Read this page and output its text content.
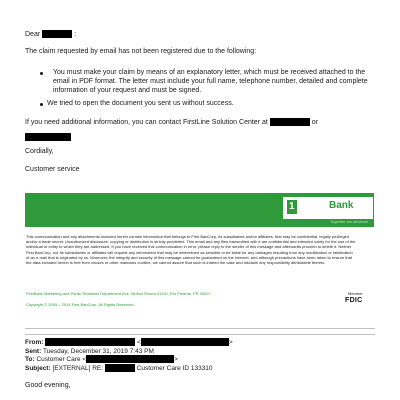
Dear	:
The claim requested by email has not been registered due to the following:
You must make your claim by means of an explanatory letter, which must be received attached to the email in PDF format. The letter must include your full name, telephone number, detailed and complete information of your request and must be signed.
We tried to open the document you sent us without success.
If you need additional information, you can contact FirstLine Solution Center at	or
Cordially,
Customer service
1 First Bank
Together we advance
This communication and any attachments included herein contain information that belongs to First BanCorp, its subsidiaries and/or affiliates, that may be confidential, legally privileged and/or a trade secret. Unauthorized disclosure, copying or distribution is strictly prohibited. This email and any files transmitted with it are confidential and intended solely for the use of the individual or entity to which they are addressed. If you have received this communication in error, please reply to the sender of this message and afterwards proceed to delete it. Neither First BanCorp, nor its subsidiaries or affiliates will request any information that may be determined as sensible or be liable for any damages resulting from any modification or falsification of an e-mail that is originated by us. Moreover, the integrity and security of this message cannot be guaranteed on the Internet, and although precautions have been taken to ensure that the data included herein is free from viruses or other malicious content, we cannot assure that such is indeed the case and disclaim any responsibility attributable thereto.
FirstBank Marketing and Public Relations Department Ave. Muñoz Rivera #1130, Río Piedras, PR 00927.
Copyright © 2005 – 2015 First BanCorp. All Rights Reserved.
Member
FDIC
From:	<	>
Sent: Tuesday, December 31, 2019 7:43 PM
To: Customer Care <	>
Subject: [EXTERNAL] RE:	Customer Care ID 133310
Good evening,
